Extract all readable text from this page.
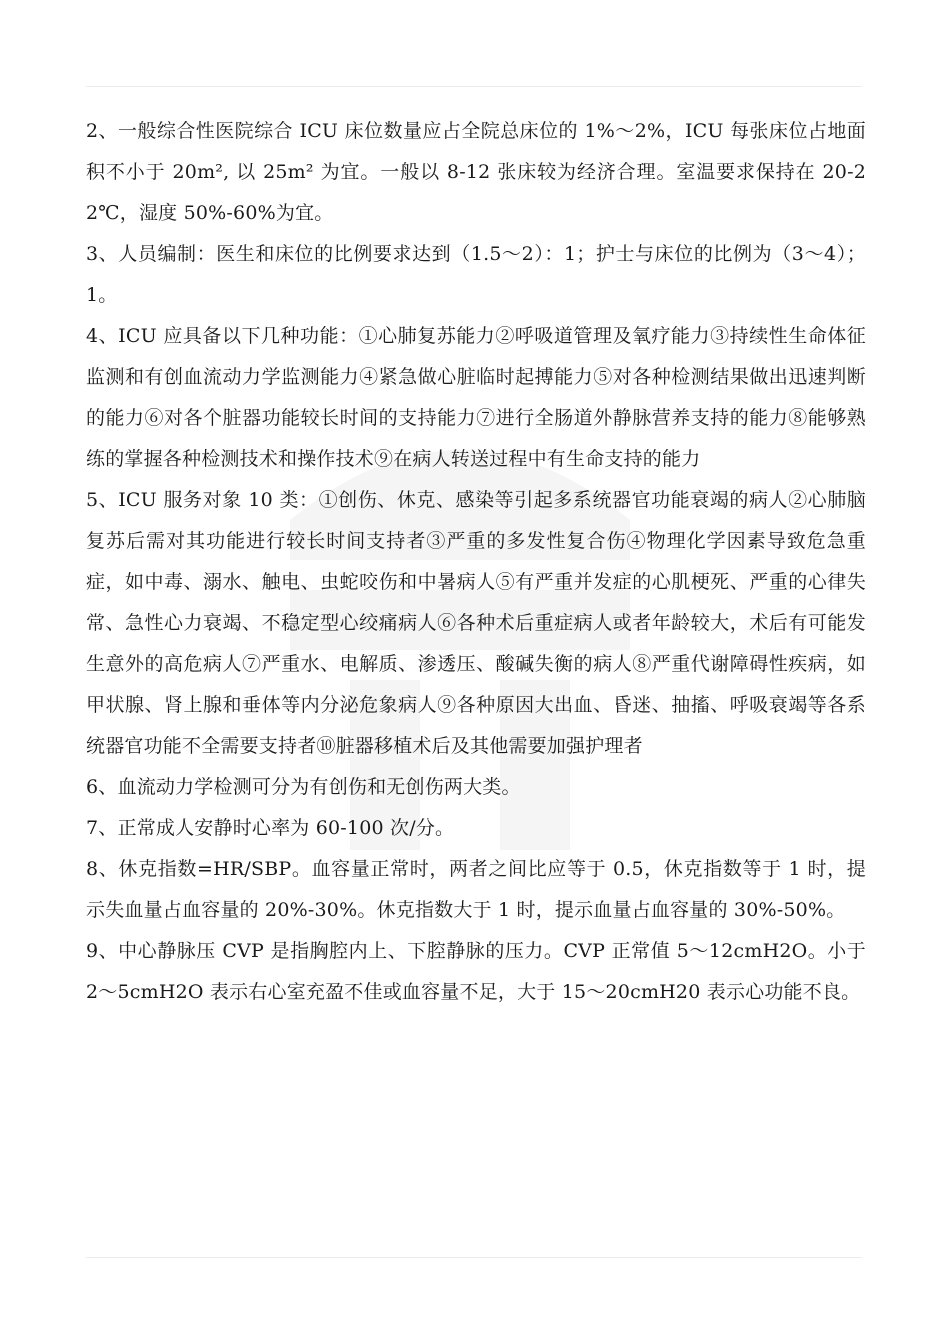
2、一般综合性医院综合 ICU 床位数量应占全院总床位的 1%～2%，ICU 每张床位占地面积不小于 20m², 以 25m² 为宜。一般以 8-12 张床较为经济合理。室温要求保持在 20-22℃，湿度 50%-60%为宜。

3、人员编制：医生和床位的比例要求达到（1.5～2）：1；护士与床位的比例为（3～4）；1。

4、ICU 应具备以下几种功能：①心肺复苏能力②呼吸道管理及氧疗能力③持续性生命体征监测和有创血流动力学监测能力④紧急做心脏临时起搏能力⑤对各种检测结果做出迅速判断的能力⑥对各个脏器功能较长时间的支持能力⑦进行全肠道外静脉营养支持的能力⑧能够熟练的掌握各种检测技术和操作技术⑨在病人转送过程中有生命支持的能力

5、ICU 服务对象 10 类：①创伤、休克、感染等引起多系统器官功能衰竭的病人②心肺脑复苏后需对其功能进行较长时间支持者③严重的多发性复合伤④物理化学因素导致危急重症，如中毒、溺水、触电、虫蛇咬伤和中暑病人⑤有严重并发症的心肌梗死、严重的心律失常、急性心力衰竭、不稳定型心绞痛病人⑥各种术后重症病人或者年龄较大，术后有可能发生意外的高危病人⑦严重水、电解质、渗透压、酸碱失衡的病人⑧严重代谢障碍性疾病，如甲状腺、肾上腺和垂体等内分泌危象病人⑨各种原因大出血、昏迷、抽搐、呼吸衰竭等各系统器官功能不全需要支持者⑩脏器移植术后及其他需要加强护理者

6、血流动力学检测可分为有创伤和无创伤两大类。

7、正常成人安静时心率为 60-100 次/分。

8、休克指数=HR/SBP。血容量正常时，两者之间比应等于 0.5，休克指数等于 1 时，提示失血量占血容量的 20%-30%。休克指数大于 1 时，提示血量占血容量的 30%-50%。

9、中心静脉压 CVP 是指胸腔内上、下腔静脉的压力。CVP 正常值 5～12cmH2O。小于 2～5cmH2O 表示右心室充盈不佳或血容量不足，大于 15～20cmH20 表示心功能不良。
